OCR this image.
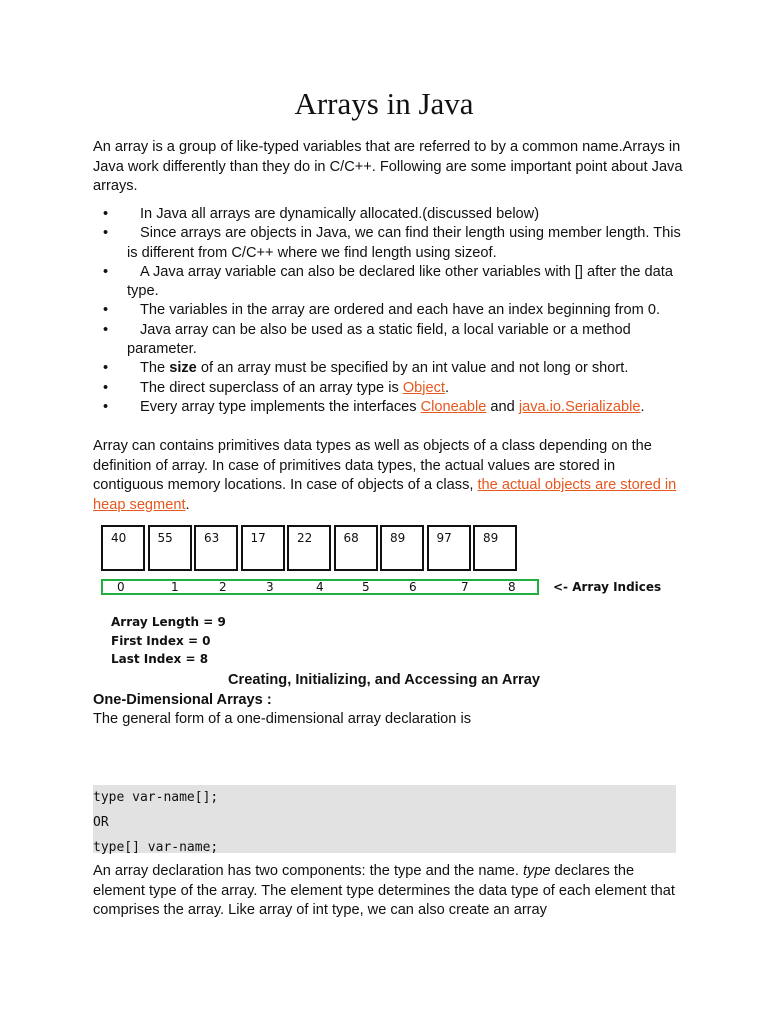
Arrays in Java

An array is a group of like-typed variables that are referred to by a common name.Arrays in Java work differently than they do in C/C++. Following are some important point about Java arrays.

• In Java all arrays are dynamically allocated.(discussed below)
• Since arrays are objects in Java, we can find their length using member length. This is different from C/C++ where we find length using sizeof.
• A Java array variable can also be declared like other variables with [] after the data type.
• The variables in the array are ordered and each have an index beginning from 0.
• Java array can be also be used as a static field, a local variable or a method parameter.
• The size of an array must be specified by an int value and not long or short.
• The direct superclass of an array type is Object.
• Every array type implements the interfaces Cloneable and java.io.Serializable.

Array can contains primitives data types as well as objects of a class depending on the definition of array. In case of primitives data types, the actual values are stored in contiguous memory locations. In case of objects of a class, the actual objects are stored in heap segment.

40	55	63	17	22	68	89	97	89
0	1	2	3	4	5	6	7	8	<- Array Indices
Array Length = 9
First Index = 0
Last Index = 8
Creating, Initializing, and Accessing an Array
One-Dimensional Arrays :

The general form of a one-dimensional array declaration is

type var-name[];
OR
type[] var-name;

An array declaration has two components: the type and the name. type declares the element type of the array. The element type determines the data type of each element that comprises the array. Like array of int type, we can also create an array
